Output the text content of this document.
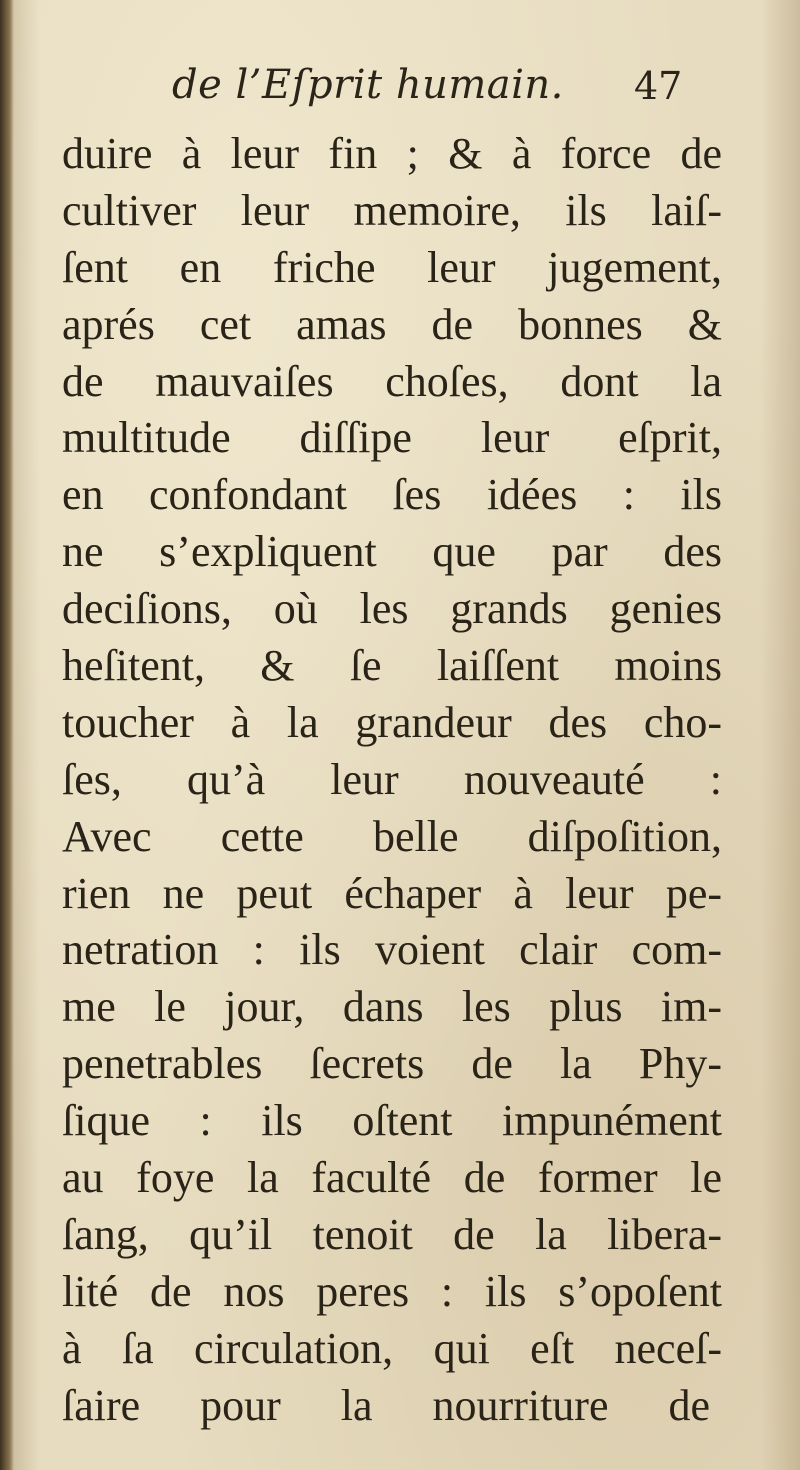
de l’Eſprit humain. 47
duire à leur fin ; & à force de
cultiver leur memoire, ils laiſ-
ſent en friche leur jugement,
aprés cet amas de bonnes &
de mauvaiſes choſes, dont la
multitude diſſipe leur eſprit,
en confondant ſes idées : ils
ne s’expliquent que par des
deciſions, où les grands genies
heſitent, & ſe laiſſent moins
toucher à la grandeur des cho-
ſes, qu’à leur nouveauté :
Avec cette belle diſpoſition,
rien ne peut échaper à leur pe-
netration : ils voient clair com-
me le jour, dans les plus im-
penetrables ſecrets de la Phy-
ſique : ils oſtent impunément
au foye la faculté de former le
ſang, qu’il tenoit de la libera-
lité de nos peres : ils s’opoſent
à ſa circulation, qui eſt neceſ-
ſaire pour la nourriture de
